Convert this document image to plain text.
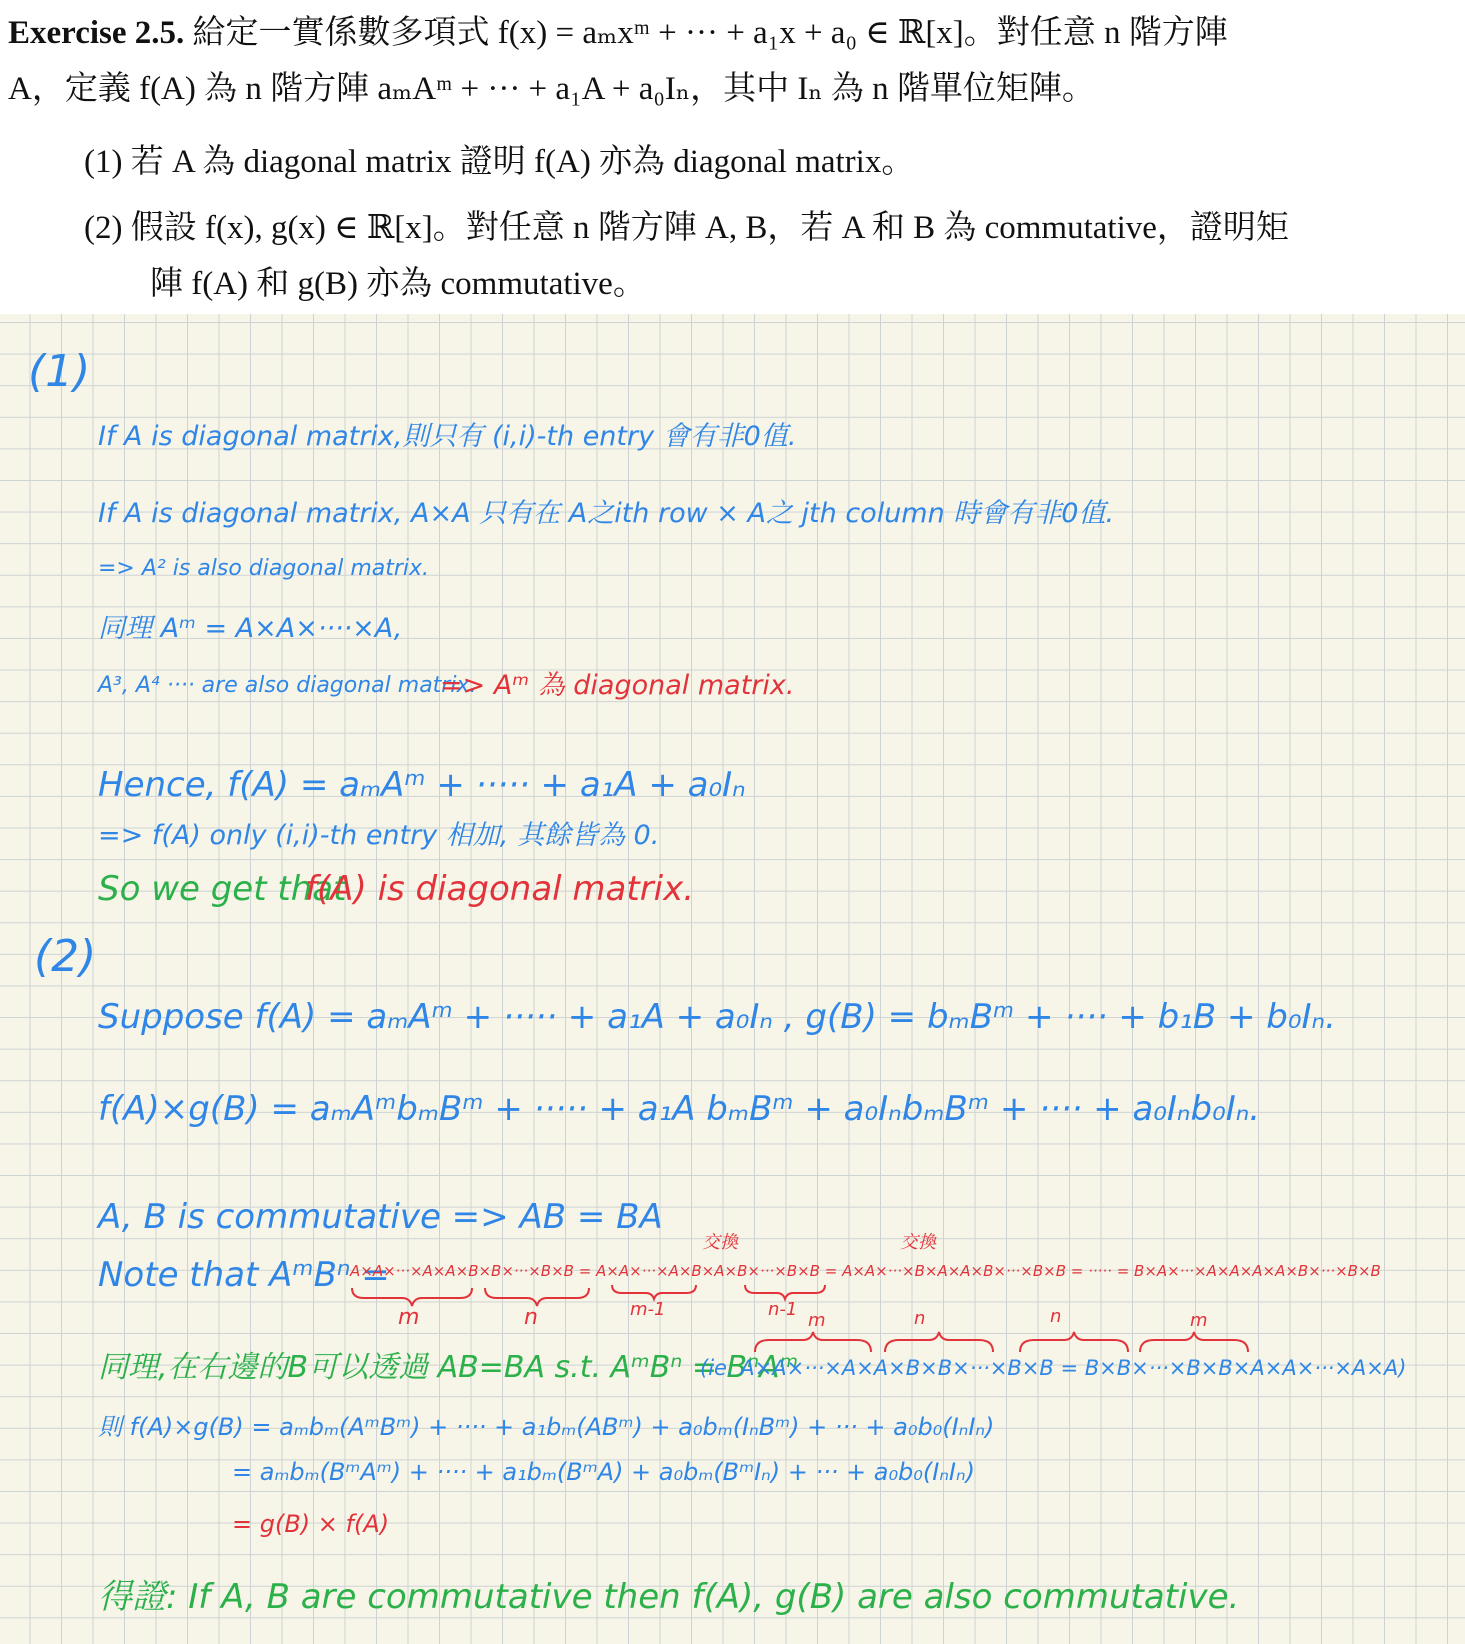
Exercise 2.5. 給定一實係數多項式 f(x) = aₘxᵐ + ··· + a₁x + a₀ ∈ ℝ[x]。對任意 n 階方陣
A，定義 f(A) 為 n 階方陣 aₘAᵐ + ··· + a₁A + a₀Iₙ，其中 Iₙ 為 n 階單位矩陣。
(1) 若 A 為 diagonal matrix 證明 f(A) 亦為 diagonal matrix。
(2) 假設 f(x), g(x) ∈ ℝ[x]。對任意 n 階方陣 A, B，若 A 和 B 為 commutative，證明矩
陣 f(A) 和 g(B) 亦為 commutative。
(1)
If A is diagonal matrix,則只有 (i,i)-th entry 會有非0值.
If A is diagonal matrix, A×A 只有在 A之ith row × A之 jth column 時會有非0值.
=> A² is also diagonal matrix.
同理 Aᵐ = A×A×····×A,
A³, A⁴ ···· are also diagonal matrix.
=> Aᵐ 為 diagonal matrix.
Hence, f(A) = aₘAᵐ + ····· + a₁A + a₀Iₙ
=> f(A) only (i,i)-th entry 相加, 其餘皆為 0.
So we get that
f(A) is diagonal matrix.
(2)
Suppose f(A) = aₘAᵐ + ····· + a₁A + a₀Iₙ , g(B) = bₘBᵐ + ···· + b₁B + b₀Iₙ.
f(A)×g(B) = aₘAᵐbₘBᵐ + ····· + a₁A bₘBᵐ + a₀IₙbₘBᵐ + ···· + a₀Iₙb₀Iₙ.
A, B is commutative => AB = BA
Note that AᵐBⁿ =
A×A×···×A×A×B×B×···×B×B = A×A×···×A×B×A×B×···×B×B = A×A×···×B×A×A×B×···×B×B = ····· = B×A×···×A×A×A×A×B×···×B×B
交換	交換
m	n	m-1	n-1
m	n	n	m
同理,在右邊的B可以透過 AB=BA s.t. AᵐBⁿ = BⁿAᵐ
(ie. A×A×···×A×A×B×B×···×B×B = B×B×···×B×B×A×A×···×A×A)
則 f(A)×g(B) = aₘbₘ(AᵐBᵐ) + ···· + a₁bₘ(ABᵐ) + a₀bₘ(IₙBᵐ) + ··· + a₀b₀(IₙIₙ)
= aₘbₘ(BᵐAᵐ) + ···· + a₁bₘ(BᵐA) + a₀bₘ(BᵐIₙ) + ··· + a₀b₀(IₙIₙ)
= g(B) × f(A)
得證: If A, B are commutative then f(A), g(B) are also commutative.
